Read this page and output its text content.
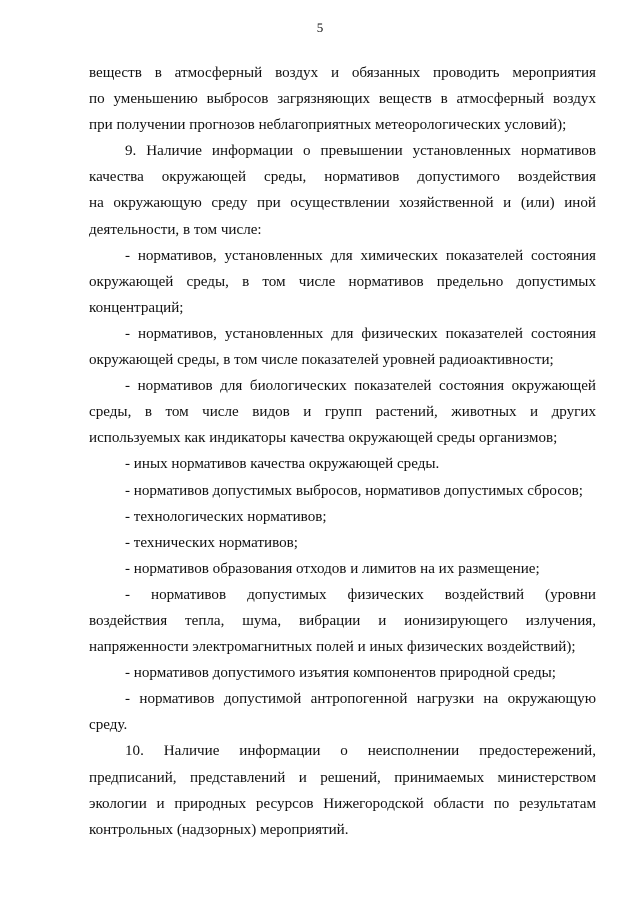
5
веществ в атмосферный воздух и обязанных проводить мероприятия
по уменьшению выбросов загрязняющих веществ в атмосферный воздух
при получении прогнозов неблагоприятных метеорологических условий);
9. Наличие информации о превышении установленных нормативов
качества окружающей среды, нормативов допустимого воздействия
на окружающую среду при осуществлении хозяйственной и (или) иной
деятельности, в том числе:
- нормативов, установленных для химических показателей состояния
окружающей среды, в том числе нормативов предельно допустимых
концентраций;
- нормативов, установленных для физических показателей состояния
окружающей среды, в том числе показателей уровней радиоактивности;
- нормативов для биологических показателей состояния окружающей
среды, в том числе видов и групп растений, животных и других
используемых как индикаторы качества окружающей среды организмов;
- иных нормативов качества окружающей среды.
- нормативов допустимых выбросов, нормативов допустимых сбросов;
- технологических нормативов;
- технических нормативов;
- нормативов образования отходов и лимитов на их размещение;
- нормативов допустимых физических воздействий (уровни
воздействия тепла, шума, вибрации и ионизирующего излучения,
напряженности электромагнитных полей и иных физических воздействий);
- нормативов допустимого изъятия компонентов природной среды;
- нормативов допустимой антропогенной нагрузки на окружающую
среду.
10. Наличие информации о неисполнении предостережений,
предписаний, представлений и решений, принимаемых министерством
экологии и природных ресурсов Нижегородской области по результатам
контрольных (надзорных) мероприятий.
